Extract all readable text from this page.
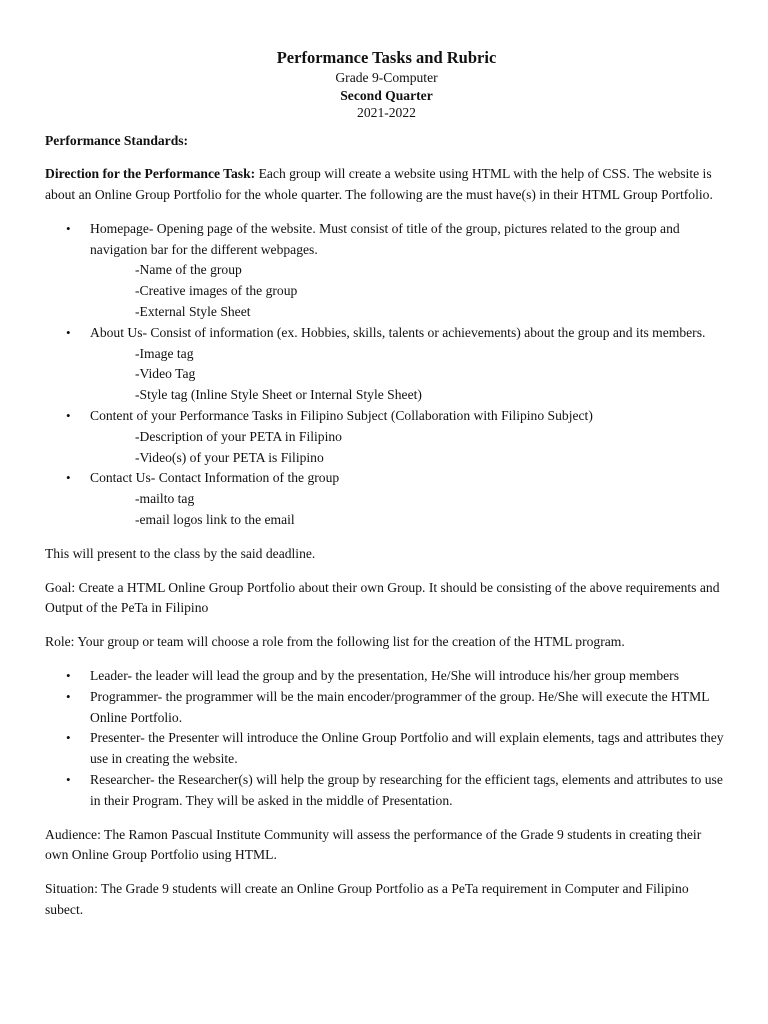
Performance Tasks and Rubric

Grade 9-Computer

Second Quarter

2021-2022

Performance Standards:

Direction for the Performance Task: Each group will create a website using HTML with the help of CSS. The website is about an Online Group Portfolio for the whole quarter. The following are the must have(s) in their HTML Group Portfolio.

• Homepage- Opening page of the website. Must consist of title of the group, pictures related to the group and navigation bar for the different webpages.

-Name of the group

-Creative images of the group

-External Style Sheet

• About Us- Consist of information (ex. Hobbies, skills, talents or achievements) about the group and its members.

-Image tag

-Video Tag

-Style tag (Inline Style Sheet or Internal Style Sheet)

• Content of your Performance Tasks in Filipino Subject (Collaboration with Filipino Subject)

-Description of your PETA in Filipino

-Video(s) of your PETA is Filipino

• Contact Us- Contact Information of the group

-mailto tag

-email logos link to the email

This will present to the class by the said deadline.

Goal: Create a HTML Online Group Portfolio about their own Group. It should be consisting of the above requirements and Output of the PeTa in Filipino

Role: Your group or team will choose a role from the following list for the creation of the HTML program.

• Leader- the leader will lead the group and by the presentation, He/She will introduce his/her group members
• Programmer- the programmer will be the main encoder/programmer of the group. He/She will execute the HTML Online Portfolio.
• Presenter- the Presenter will introduce the Online Group Portfolio and will explain elements, tags and attributes they use in creating the website.
• Researcher- the Researcher(s) will help the group by researching for the efficient tags, elements and attributes to use in their Program. They will be asked in the middle of Presentation.

Audience: The Ramon Pascual Institute Community will assess the performance of the Grade 9 students in creating their own Online Group Portfolio using HTML.

Situation: The Grade 9 students will create an Online Group Portfolio as a PeTa requirement in Computer and Filipino subect.
